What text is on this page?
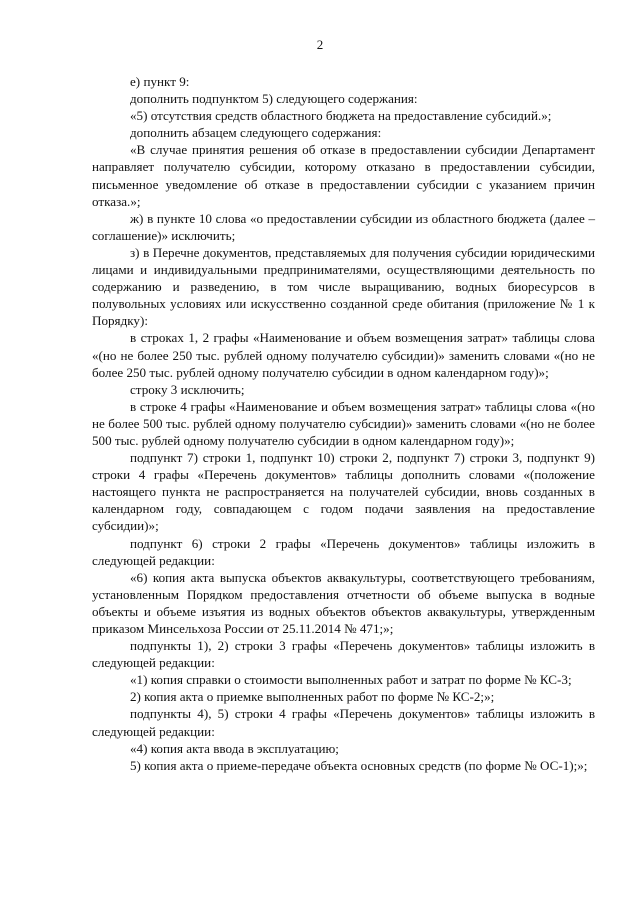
2

е) пункт 9:

дополнить подпунктом 5) следующего содержания:

«5) отсутствия средств областного бюджета на предоставление субсидий.»;

дополнить абзацем следующего содержания:

«В случае принятия решения об отказе в предоставлении субсидии Департамент направляет получателю субсидии, которому отказано в предоставлении субсидии, письменное уведомление об отказе в предоставлении субсидии с указанием причин отказа.»;

ж) в пункте 10 слова «о предоставлении субсидии из областного бюджета (далее – соглашение)» исключить;

з) в Перечне документов, представляемых для получения субсидии юридическими лицами и индивидуальными предпринимателями, осуществляющими деятельность по содержанию и разведению, в том числе выращиванию, водных биоресурсов в полувольных условиях или искусственно созданной среде обитания (приложение № 1 к Порядку):

в строках 1, 2 графы «Наименование и объем возмещения затрат» таблицы слова «(но не более 250 тыс. рублей одному получателю субсидии)» заменить словами «(но не более 250 тыс. рублей одному получателю субсидии в одном календарном году)»;

строку 3 исключить;

в строке 4 графы «Наименование и объем возмещения затрат» таблицы слова «(но не более 500 тыс. рублей одному получателю субсидии)» заменить словами «(но не более 500 тыс. рублей одному получателю субсидии в одном календарном году)»;

подпункт 7) строки 1, подпункт 10) строки 2, подпункт 7) строки 3, подпункт 9) строки 4 графы «Перечень документов» таблицы дополнить словами «(положение настоящего пункта не распространяется на получателей субсидии, вновь созданных в календарном году, совпадающем с годом подачи заявления на предоставление субсидии)»;

подпункт 6) строки 2 графы «Перечень документов» таблицы изложить в следующей редакции:

«6) копия акта выпуска объектов аквакультуры, соответствующего требованиям, установленным Порядком предоставления отчетности об объеме выпуска в водные объекты и объеме изъятия из водных объектов объектов аквакультуры, утвержденным приказом Минсельхоза России от 25.11.2014 № 471;»;

подпункты 1), 2) строки 3 графы «Перечень документов» таблицы изложить в следующей редакции:

«1) копия справки о стоимости выполненных работ и затрат по форме № КС-3;

2) копия акта о приемке выполненных работ по форме № КС-2;»;

подпункты 4), 5) строки 4 графы «Перечень документов» таблицы изложить в следующей редакции:

«4) копия акта ввода в эксплуатацию;

5) копия акта о приеме-передаче объекта основных средств (по форме № ОС-1);»;
